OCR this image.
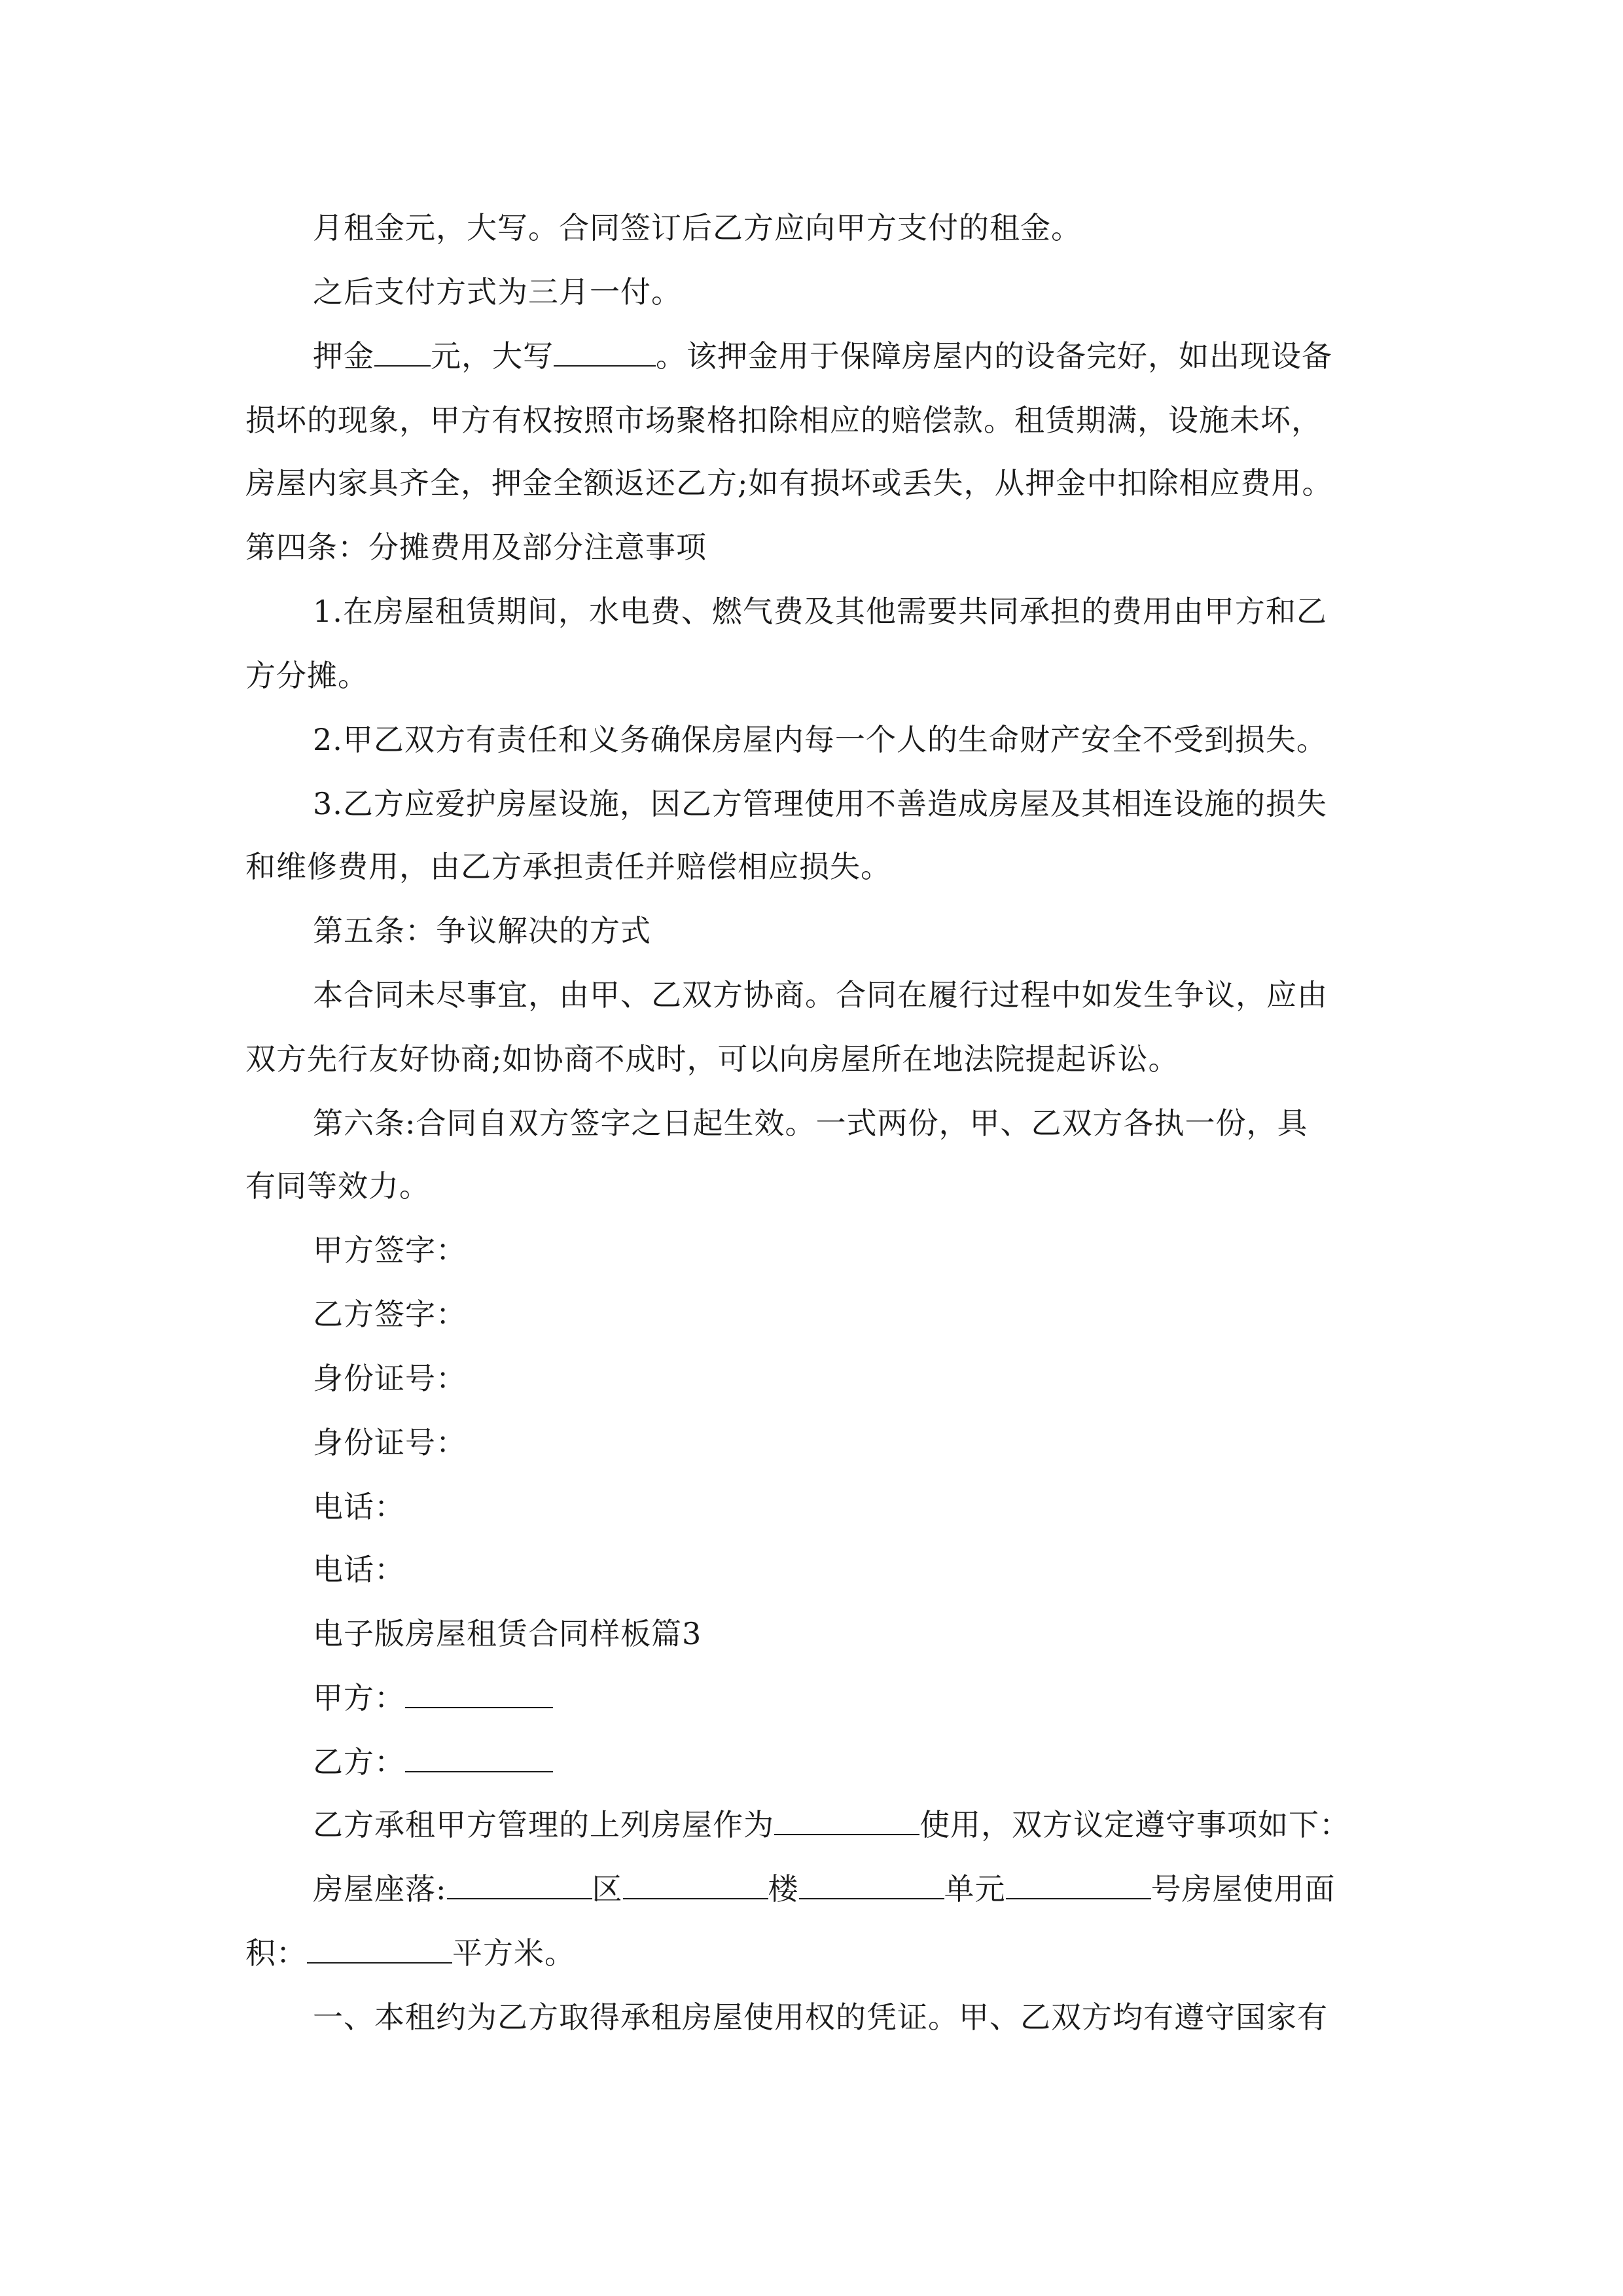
月租金元，大写。合同签订后乙方应向甲方支付的租金。
之后支付方式为三月一付。
押金 元，大写	。该押金用于保障房屋内的设备完好，如出现设备
损坏的现象，甲方有权按照市场聚格扣除相应的赔偿款。租赁期满，设施未坏，
房屋内家具齐全，押金全额返还乙方;如有损坏或丢失，从押金中扣除相应费用。
第四条：分摊费用及部分注意事项
1.在房屋租赁期间，水电费、燃气费及其他需要共同承担的费用由甲方和乙
方分摊。
2.甲乙双方有责任和义务确保房屋内每一个人的生命财产安全不受到损失。
3.乙方应爱护房屋设施，因乙方管理使用不善造成房屋及其相连设施的损失
和维修费用，由乙方承担责任并赔偿相应损失。
第五条：争议解决的方式
本合同未尽事宜，由甲、乙双方协商。合同在履行过程中如发生争议，应由
双方先行友好协商;如协商不成时，可以向房屋所在地法院提起诉讼。
第六条:合同自双方签字之日起生效。一式两份，甲、乙双方各执一份，具
有同等效力。
甲方签字：
乙方签字：
身份证号：
身份证号：
电话：
电话：
电子版房屋租赁合同样板篇3
甲方：
乙方：
乙方承租甲方管理的上列房屋作为	使用，双方议定遵守事项如下：
房屋座落:	区	楼	单元	号房屋使用面
积：	平方米。
一、本租约为乙方取得承租房屋使用权的凭证。甲、乙双方均有遵守国家有
